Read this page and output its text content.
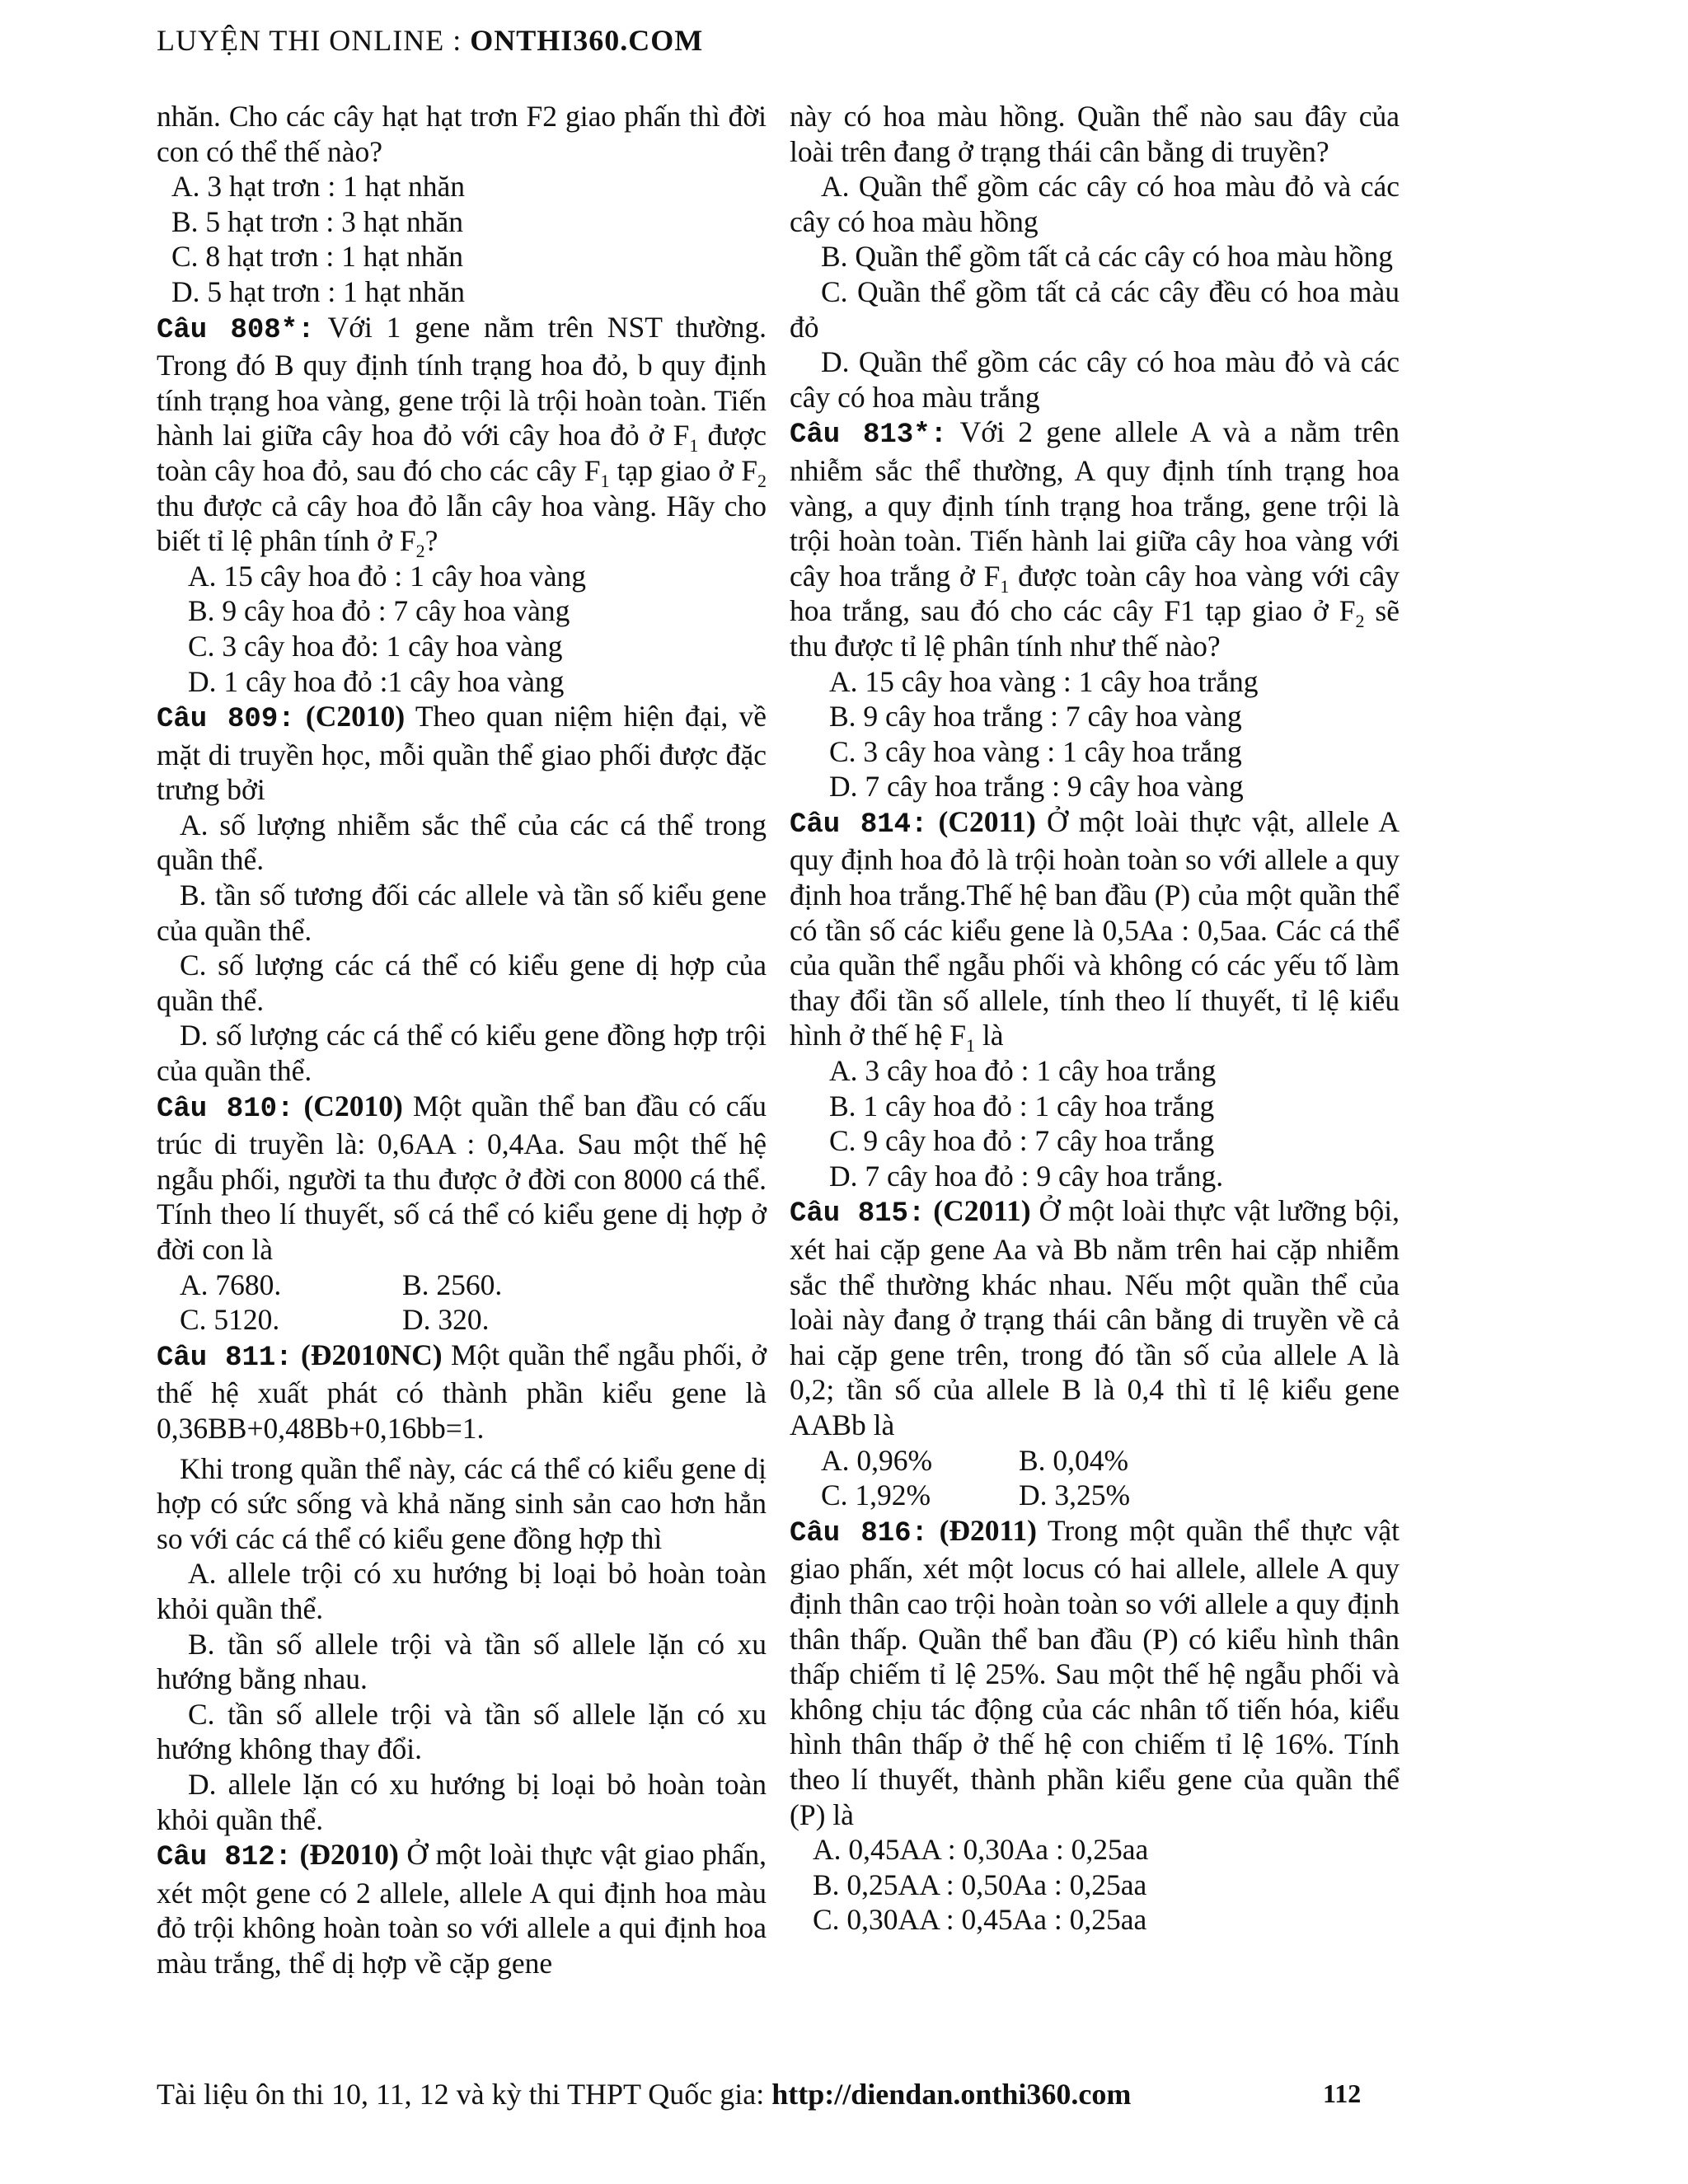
LUYỆN THI ONLINE : ONTHI360.COM

nhăn. Cho các cây hạt hạt trơn F2 giao phấn thì đời con có thể thế nào?

A. 3 hạt trơn : 1 hạt nhăn

B. 5 hạt trơn : 3 hạt nhăn

C. 8 hạt trơn : 1 hạt nhăn

D. 5 hạt trơn : 1 hạt nhăn

Câu 808*: Với 1 gene nằm trên NST thường. Trong đó B quy định tính trạng hoa đỏ, b quy định tính trạng hoa vàng, gene trội là trội hoàn toàn. Tiến hành lai giữa cây hoa đỏ với cây hoa đỏ ở $F_1$ được toàn cây hoa đỏ, sau đó cho các cây $F_1$ tạp giao ở $F_2$ thu được cả cây hoa đỏ lẫn cây hoa vàng. Hãy cho biết tỉ lệ phân tính ở $F_2$?

A. 15 cây hoa đỏ : 1 cây hoa vàng

B. 9 cây hoa đỏ : 7 cây hoa vàng

C. 3 cây hoa đỏ: 1 cây hoa vàng

D. 1 cây hoa đỏ :1 cây hoa vàng

Câu 809: (C2010) Theo quan niệm hiện đại, về mặt di truyền học, mỗi quần thể giao phối được đặc trưng bởi

A. số lượng nhiễm sắc thể của các cá thể trong quần thể.

B. tần số tương đối các allele và tần số kiểu gene của quần thể.

C. số lượng các cá thể có kiểu gene dị hợp của quần thể.

D. số lượng các cá thể có kiểu gene đồng hợp trội của quần thể.

Câu 810: (C2010) Một quần thể ban đầu có cấu trúc di truyền là: 0,6AA : 0,4Aa. Sau một thế hệ ngẫu phối, người ta thu được ở đời con 8000 cá thể. Tính theo lí thuyết, số cá thể có kiểu gene dị hợp ở đời con là

A. 7680.	B. 2560.

C. 5120.	D. 320.

Câu 811: (Đ2010NC) Một quần thể ngẫu phối, ở thế hệ xuất phát có thành phần kiểu gene là 0,36BB+0,48Bb+0,16bb=1.

Khi trong quần thể này, các cá thể có kiểu gene dị hợp có sức sống và khả năng sinh sản cao hơn hẳn so với các cá thể có kiểu gene đồng hợp thì

A. allele trội có xu hướng bị loại bỏ hoàn toàn khỏi quần thể.

B. tần số allele trội và tần số allele lặn có xu hướng bằng nhau.

C. tần số allele trội và tần số allele lặn có xu hướng không thay đổi.

D. allele lặn có xu hướng bị loại bỏ hoàn toàn khỏi quần thể.

Câu 812: (Đ2010) Ở một loài thực vật giao phấn, xét một gene có 2 allele, allele A qui định hoa màu đỏ trội không hoàn toàn so với allele a qui định hoa màu trắng, thể dị hợp về cặp gene

này có hoa màu hồng. Quần thể nào sau đây của loài trên đang ở trạng thái cân bằng di truyền?

A. Quần thể gồm các cây có hoa màu đỏ và các cây có hoa màu hồng

B. Quần thể gồm tất cả các cây có hoa màu hồng

C. Quần thể gồm tất cả các cây đều có hoa màu đỏ

D. Quần thể gồm các cây có hoa màu đỏ và các cây có hoa màu trắng

Câu 813*: Với 2 gene allele A và a nằm trên nhiễm sắc thể thường, A quy định tính trạng hoa vàng, a quy định tính trạng hoa trắng, gene trội là trội hoàn toàn. Tiến hành lai giữa cây hoa vàng với cây hoa trắng ở $F_1$ được toàn cây hoa vàng với cây hoa trắng, sau đó cho các cây F1 tạp giao ở $F_2$ sẽ thu được tỉ lệ phân tính như thế nào?

A. 15 cây hoa vàng : 1 cây hoa trắng

B. 9 cây hoa trắng : 7 cây hoa vàng

C. 3 cây hoa vàng : 1 cây hoa trắng

D. 7 cây hoa trắng : 9 cây hoa vàng

Câu 814: (C2011) Ở một loài thực vật, allele A quy định hoa đỏ là trội hoàn toàn so với allele a quy định hoa trắng.Thế hệ ban đầu (P) của một quần thể có tần số các kiểu gene là 0,5Aa : 0,5aa. Các cá thể của quần thể ngẫu phối và không có các yếu tố làm thay đổi tần số allele, tính theo lí thuyết, tỉ lệ kiểu hình ở thế hệ $F_1$ là

A. 3 cây hoa đỏ : 1 cây hoa trắng

B. 1 cây hoa đỏ : 1 cây hoa trắng

C. 9 cây hoa đỏ : 7 cây hoa trắng

D. 7 cây hoa đỏ : 9 cây hoa trắng.

Câu 815: (C2011) Ở một loài thực vật lưỡng bội, xét hai cặp gene Aa và Bb nằm trên hai cặp nhiễm sắc thể thường khác nhau. Nếu một quần thể của loài này đang ở trạng thái cân bằng di truyền về cả hai cặp gene trên, trong đó tần số của allele A là 0,2; tần số của allele B là 0,4 thì tỉ lệ kiểu gene AABb là

A. 0,96%	B. 0,04%

C. 1,92%	D. 3,25%

Câu 816: (Đ2011) Trong một quần thể thực vật giao phấn, xét một locus có hai allele, allele A quy định thân cao trội hoàn toàn so với allele a quy định thân thấp. Quần thể ban đầu (P) có kiểu hình thân thấp chiếm tỉ lệ 25%. Sau một thế hệ ngẫu phối và không chịu tác động của các nhân tố tiến hóa, kiểu hình thân thấp ở thế hệ con chiếm tỉ lệ 16%. Tính theo lí thuyết, thành phần kiểu gene của quần thể (P) là

A. 0,45AA : 0,30Aa : 0,25aa

B. 0,25AA : 0,50Aa : 0,25aa

C. 0,30AA : 0,45Aa : 0,25aa

Tài liệu ôn thi 10, 11, 12 và kỳ thi THPT Quốc gia: http://diendan.onthi360.com	112
